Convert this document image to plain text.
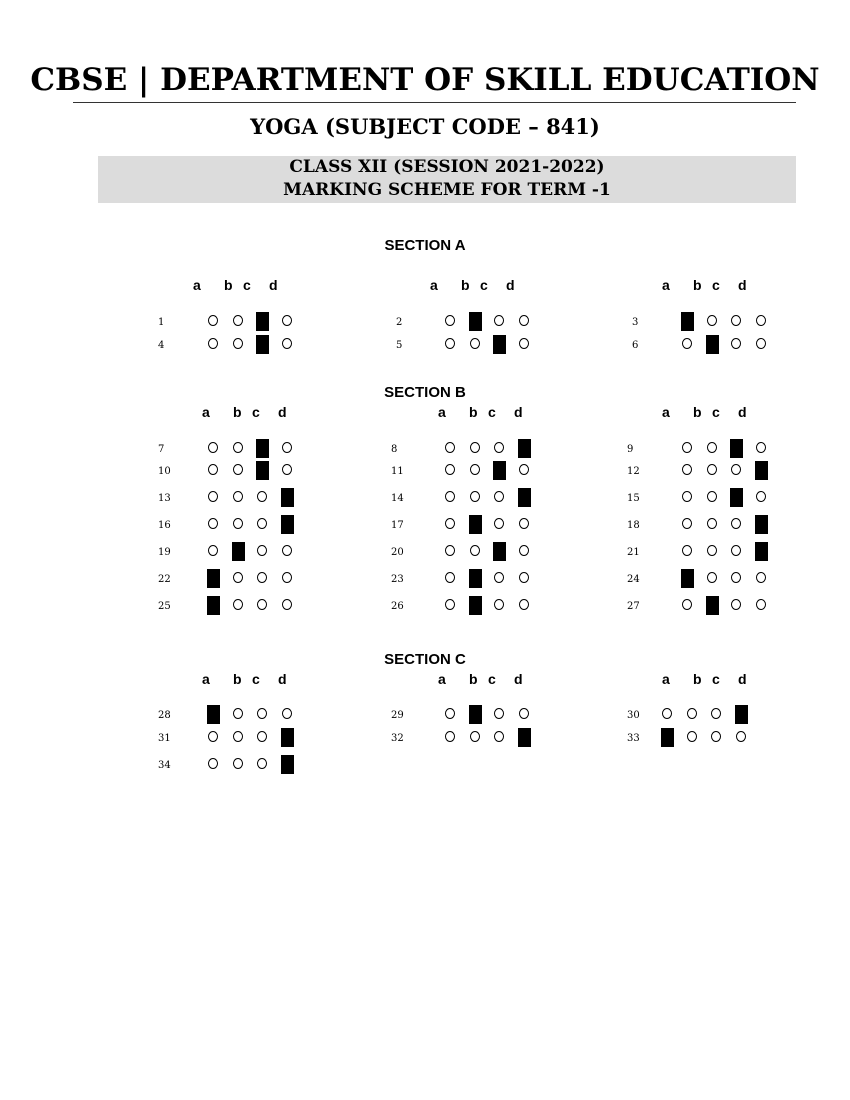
CBSE | DEPARTMENT OF SKILL EDUCATION
YOGA (SUBJECT CODE – 841)
CLASS XII (SESSION 2021-2022)
MARKING SCHEME FOR TERM -1
SECTION A
a b c d
1
4
a b c d
2
5
a b c d
3
6
SECTION B
a b c d
7
10
13
16
19
22
25
a b c d
8
11
14
17
20
23
26
a b c d
9
12
15
18
21
24
27
SECTION C
a b c d
28
31
34
a b c d
29
32
a b c d
30
33
